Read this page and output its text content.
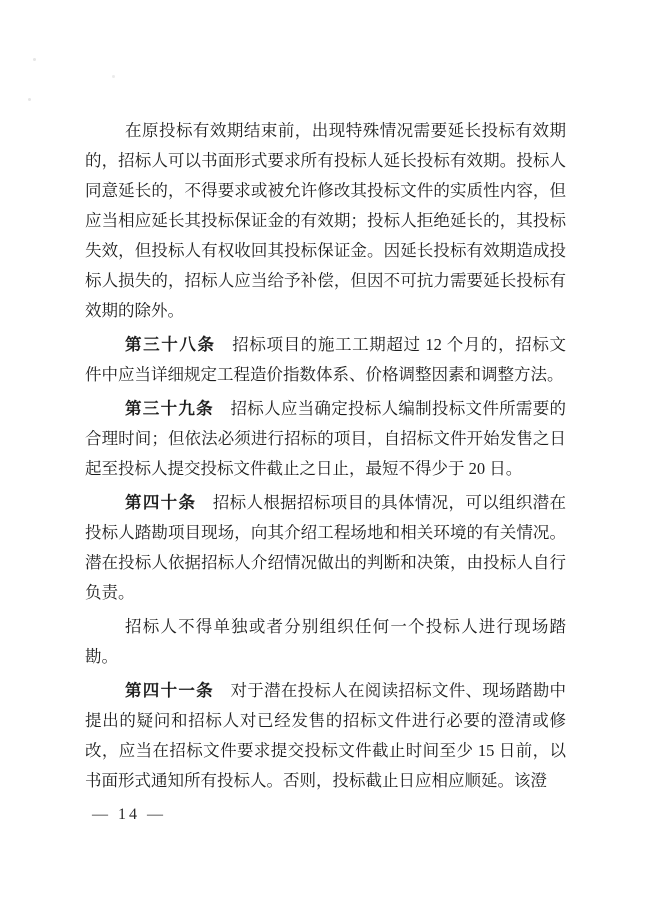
在原投标有效期结束前，出现特殊情况需要延长投标有效期的，招标人可以书面形式要求所有投标人延长投标有效期。投标人同意延长的，不得要求或被允许修改其投标文件的实质性内容，但应当相应延长其投标保证金的有效期；投标人拒绝延长的，其投标失效，但投标人有权收回其投标保证金。因延长投标有效期造成投标人损失的，招标人应当给予补偿，但因不可抗力需要延长投标有效期的除外。

第三十八条 招标项目的施工工期超过 12 个月的，招标文件中应当详细规定工程造价指数体系、价格调整因素和调整方法。

第三十九条 招标人应当确定投标人编制投标文件所需要的合理时间；但依法必须进行招标的项目，自招标文件开始发售之日起至投标人提交投标文件截止之日止，最短不得少于 20 日。

第四十条 招标人根据招标项目的具体情况，可以组织潜在投标人踏勘项目现场，向其介绍工程场地和相关环境的有关情况。潜在投标人依据招标人介绍情况做出的判断和决策，由投标人自行负责。

招标人不得单独或者分别组织任何一个投标人进行现场踏勘。

第四十一条 对于潜在投标人在阅读招标文件、现场踏勘中提出的疑问和招标人对已经发售的招标文件进行必要的澄清或修改，应当在招标文件要求提交投标文件截止时间至少 15 日前，以书面形式通知所有投标人。否则，投标截止日应相应顺延。该澄

— 14 —
